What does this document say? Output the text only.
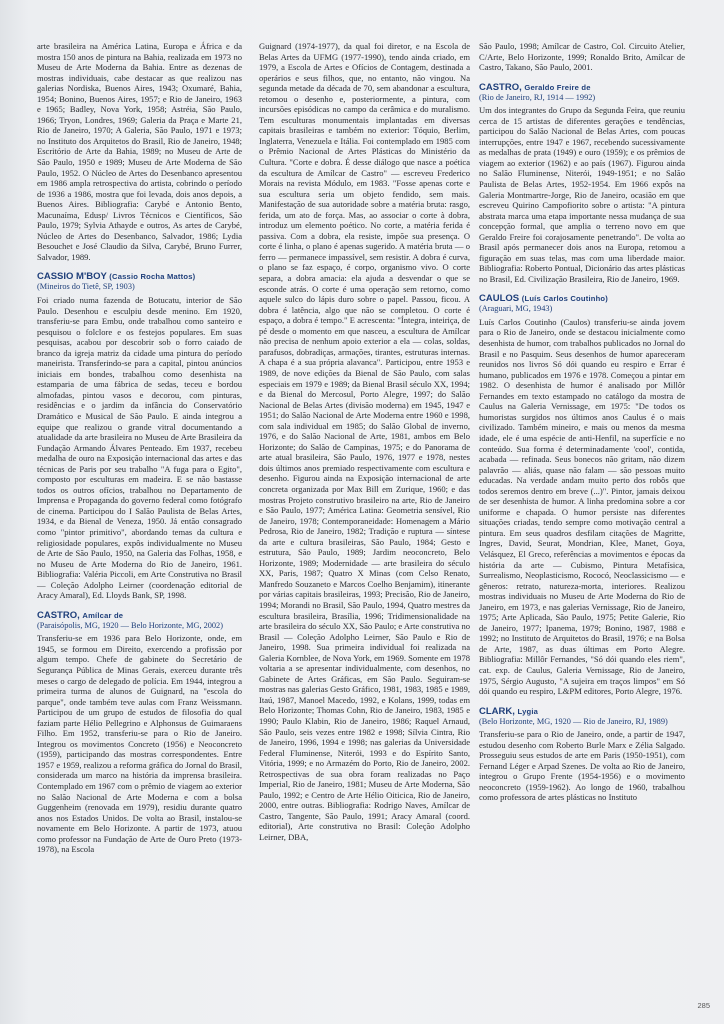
arte brasileira na América Latina, Europa e África e da mostra 150 anos de pintura na Bahia, realizada em 1973 no Museu de Arte Moderna da Bahia. Entre as dezenas de mostras individuais, cabe destacar as que realizou nas galerias Nordiska, Buenos Aires, 1943; Oxumaré, Bahia, 1954; Bonino, Buenos Aires, 1957; e Rio de Janeiro, 1963 e 1965; Badley, Nova York, 1958; Astréia, São Paulo, 1966; Tryon, Londres, 1969; Galeria da Praça e Marte 21, Rio de Janeiro, 1970; A Galeria, São Paulo, 1971 e 1973; no Instituto dos Arquitetos do Brasil, Rio de Janeiro, 1948; Escritório de Arte da Bahia, 1989; no Museu de Arte de São Paulo, 1950 e 1989; Museu de Arte Moderna de São Paulo, 1952. O Núcleo de Artes do Desenbanco apresentou em 1986 ampla retrospectiva do artista, cobrindo o período de 1936 a 1986, mostra que foi levada, dois anos depois, a Buenos Aires. Bibliografia: Carybé e Antonio Bento, Macunaíma, Edusp/ Livros Técnicos e Científicos, São Paulo, 1979; Sylvia Athayde e outros, As artes de Carybé, Núcleo de Artes do Desenbanco, Salvador, 1986; Lydia Besouchet e José Claudio da Silva, Carybé, Bruno Furrer, Salvador, 1989.

CASSIO M'BOY (Cassio Rocha Mattos)
(Mineiros do Tietê, SP, 1903)

Foi criado numa fazenda de Botucatu, interior de São Paulo. Desenhou e esculpiu desde menino. Em 1920, transferiu-se para Embu, onde trabalhou como santeiro e pesquisou o folclore e os festejos populares. Em suas pesquisas, acabou por descobrir sob o forro caiado de branco da igreja matriz da cidade uma pintura do período maneirista. Transferindo-se para a capital, pintou anúncios iniciais em bondes, trabalhou como desenhista na estamparia de uma fábrica de sedas, teceu e bordou almofadas, pintou vasos e decorou, com pinturas, residências e o jardim da infância do Conservatório Dramático e Musical de São Paulo. E ainda integrou a equipe que realizou o grande vitral documentando a atualidade da arte brasileira no Museu de Arte Brasileira da Fundação Armando Álvares Penteado. Em 1937, recebeu medalha de ouro na Exposição internacional das artes e das técnicas de Paris por seu trabalho "A fuga para o Egito", composto por esculturas em madeira. E se não bastasse todos os outros ofícios, trabalhou no Departamento de Imprensa e Propaganda do governo federal como fotógrafo de cinema. Participou do I Salão Paulista de Belas Artes, 1934, e da Bienal de Veneza, 1950. Já então consagrado como "pintor primitivo", abordando temas da cultura e religiosidade populares, expôs individualmente no Museu de Arte de São Paulo, 1950, na Galeria das Folhas, 1958, e no Museu de Arte Moderna do Rio de Janeiro, 1961. Bibliografia: Valéria Piccoli, em Arte Construtiva no Brasil — Coleção Adolpho Leirner (coordenação editorial de Aracy Amaral), Ed. Lloyds Bank, SP, 1998.

CASTRO, Amílcar de
(Paraisópolis, MG, 1920 — Belo Horizonte, MG, 2002)

Transferiu-se em 1936 para Belo Horizonte, onde, em 1945, se formou em Direito, exercendo a profissão por algum tempo. Chefe de gabinete do Secretário de Segurança Pública de Minas Gerais, exerceu durante três meses o cargo de delegado de polícia. Em 1944, integrou a primeira turma de alunos de Guignard, na "escola do parque", onde também teve aulas com Franz Weissmann. Participou de um grupo de estudos de filosofia do qual faziam parte Hélio Pellegrino e Alphonsus de Guimaraens Filho. Em 1952, transferiu-se para o Rio de Janeiro. Integrou os movimentos Concreto (1956) e Neoconcreto (1959), participando das mostras correspondentes. Entre 1957 e 1959, realizou a reforma gráfica do Jornal do Brasil, considerada um marco na história da imprensa brasileira. Contemplado em 1967 com o prêmio de viagem ao exterior no Salão Nacional de Arte Moderna e com a bolsa Guggenheim (renovada em 1979), residiu durante quatro anos nos Estados Unidos. De volta ao Brasil, instalou-se novamente em Belo Horizonte. A partir de 1973, atuou como professor na Fundação de Arte de Ouro Preto (1973-1978), na Escola

Guignard (1974-1977), da qual foi diretor, e na Escola de Belas Artes da UFMG (1977-1990), tendo ainda criado, em 1979, a Escola de Artes e Ofícios de Contagem, destinada a operários e seus filhos, que, no entanto, não vingou. Na segunda metade da década de 70, sem abandonar a escultura, retomou o desenho e, posteriormente, a pintura, com incursões episódicas no campo da cerâmica e do muralismo. Tem esculturas monumentais implantadas em diversas capitais brasileiras e também no exterior: Tóquio, Berlim, Inglaterra, Venezuela e Itália. Foi contemplado em 1985 com o Prêmio Nacional de Artes Plásticas do Ministério da Cultura. "Corte e dobra. É desse diálogo que nasce a poética da escultura de Amílcar de Castro" — escreveu Frederico Morais na revista Módulo, em 1983. "Fosse apenas corte e sua escultura seria um objeto fendido, sem mais. Manifestação de sua autoridade sobre a matéria bruta: rasgo, ferida, um ato de força. Mas, ao associar o corte à dobra, introduz um elemento poético. No corte, a matéria ferida é passiva. Com a dobra, ela resiste, impõe sua presença. O corte é linha, o plano é apenas sugerido. A matéria bruta — o ferro — permanece impassível, sem resistir. A dobra é curva, o plano se faz espaço, é corpo, organismo vivo. O corte separa, a dobra amacia: ela ajuda a desvendar o que se esconde atrás. O corte é uma operação sem retorno, como aquele sulco do lápis duro sobre o papel. Passou, ficou. A dobra é latência, algo que não se completou. O corte é espaço, a dobra é tempo." E acrescenta: "Íntegra, inteiriça, de pé desde o momento em que nasceu, a escultura de Amílcar não precisa de nenhum apoio exterior a ela — colas, soldas, parafusos, dobradiças, armações, tirantes, estruturas internas. A chapa é a sua própria alavanca". Participou, entre 1953 e 1989, de nove edições da Bienal de São Paulo, com salas especiais em 1979 e 1989; da Bienal Brasil século XX, 1994; e da Bienal do Mercosul, Porto Alegre, 1997; do Salão Nacional de Belas Artes (divisão moderna) em 1945, 1947 e 1951; do Salão Nacional de Arte Moderna entre 1960 e 1998, com sala individual em 1985; do Salão Global de inverno, 1976, e do Salão Nacional de Arte, 1981, ambos em Belo Horizonte; do Salão de Campinas, 1975; e do Panorama de arte atual brasileira, São Paulo, 1976, 1977 e 1978, nestes dois últimos anos premiado respectivamente com escultura e desenho. Figurou ainda na Exposição internacional de arte concreta organizada por Max Bill em Zurique, 1960; e das mostras Projeto construtivo brasileiro na arte, Rio de Janeiro e São Paulo, 1977; América Latina: Geometria sensível, Rio de Janeiro, 1978; Contemporaneidade: Homenagem a Mário Pedrosa, Rio de Janeiro, 1982; Tradição e ruptura — síntese da arte e cultura brasileiras, São Paulo, 1984; Gesto e estrutura, São Paulo, 1989; Jardim neoconcreto, Belo Horizonte, 1989; Modernidade — arte brasileira do século XX, Paris, 1987; Quatro X Minas (com Celso Renato, Manfredo Souzaneto e Marcos Coelho Benjamim), itinerante por várias capitais brasileiras, 1993; Precisão, Rio de Janeiro, 1994; Morandi no Brasil, São Paulo, 1994, Quatro mestres da escultura brasileira, Brasília, 1996; Tridimensionalidade na arte brasileira do século XX, São Paulo; e Arte construtiva no Brasil — Coleção Adolpho Leirner, São Paulo e Rio de Janeiro, 1998. Sua primeira individual foi realizada na Galeria Kornblee, de Nova York, em 1969. Somente em 1978 voltaria a se apresentar individualmente, com desenhos, no Gabinete de Artes Gráficas, em São Paulo. Seguiram-se mostras nas galerias Gesto Gráfico, 1981, 1983, 1985 e 1989, Itaú, 1987, Manoel Macedo, 1992, e Kolans, 1999, todas em Belo Horizonte; Thomas Cohn, Rio de Janeiro, 1983, 1985 e 1990; Paulo Klabin, Rio de Janeiro, 1986; Raquel Arnaud, São Paulo, seis vezes entre 1982 e 1998; Sílvia Cintra, Rio de Janeiro, 1996, 1994 e 1998; nas galerias da Universidade Federal Fluminense, Niterói, 1993 e do Espírito Santo, Vitória, 1999; e no Armazém do Porto, Rio de Janeiro, 2002. Retrospectivas de sua obra foram realizadas no Paço Imperial, Rio de Janeiro, 1981; Museu de Arte Moderna, São Paulo, 1992; e Centro de Arte Hélio Oiticica, Rio de Janeiro, 2000, entre outras. Bibliografia: Rodrigo Naves, Amílcar de Castro, Tangente, São Paulo, 1991; Aracy Amaral (coord. editorial), Arte construtiva no Brasil: Coleção Adolpho Leirner, DBA,

São Paulo, 1998; Amílcar de Castro, Col. Circuito Atelier, C/Arte, Belo Horizonte, 1999; Ronaldo Brito, Amílcar de Castro, Takano, São Paulo, 2001.

CASTRO, Geraldo Freire de
(Rio de Janeiro, RJ, 1914 — 1992)

Um dos integrantes do Grupo da Segunda Feira, que reuniu cerca de 15 artistas de diferentes gerações e tendências, participou do Salão Nacional de Belas Artes, com poucas interrupções, entre 1947 e 1967, recebendo sucessivamente as medalhas de prata (1949) e ouro (1959); e os prêmios de viagem ao exterior (1962) e ao país (1967). Figurou ainda no Salão Fluminense, Niterói, 1949-1951; e no Salão Paulista de Belas Artes, 1952-1954. Em 1966 expôs na Galeria Montmartre-Jorge, Rio de Janeiro, ocasião em que escreveu Quirino Campofiorito sobre o artista: "A pintura abstrata marca uma etapa importante nessa mudança de sua concepção formal, que amplia o terreno novo em que Geraldo Freire foi corajosamente penetrando". De volta ao Brasil após permanecer dois anos na Europa, retomou a figuração em suas telas, mas com uma liberdade maior. Bibliografia: Roberto Pontual, Dicionário das artes plásticas no Brasil, Ed. Civilização Brasileira, Rio de Janeiro, 1969.

CAULOS (Luís Carlos Coutinho)
(Araguari, MG, 1943)

Luís Carlos Coutinho (Caulos) transferiu-se ainda jovem para o Rio de Janeiro, onde se destacou inicialmente como desenhista de humor, com trabalhos publicados no Jornal do Brasil e no Pasquim. Seus desenhos de humor apareceram reunidos nos livros Só dói quando eu respiro e Errar é humano, publicados em 1976 e 1978. Começou a pintar em 1982. O desenhista de humor é analisado por Millôr Fernandes em texto estampado no catálogo da mostra de Caulus na Galeria Vernissage, em 1975: "De todos os humoristas surgidos nos últimos anos Caulus é o mais civilizado. Também mineiro, e mais ou menos da mesma idade, ele é uma espécie de anti-Henfil, na superfície e no conteúdo. Sua forma é determinadamente 'cool', contida, acabada — refinada. Seus bonecos não gritam, não dizem palavrão — aliás, quase não falam — são pessoas muito educadas. Na verdade andam muito perto dos robôs que todos seremos dentro em breve (...)". Pintor, jamais deixou de ser desenhista de humor. A linha predomina sobre a cor uniforme e chapada. O humor persiste nas diferentes situações criadas, tendo sempre como motivação central a pintura. Em seus quadros desfilam citações de Magritte, Ingres, David, Seurat, Mondrian, Klee, Manet, Goya, Velásquez, El Greco, referências a movimentos e épocas da história da arte — Cubismo, Pintura Metafísica, Surrealismo, Neoplasticismo, Rococó, Neoclassicismo — e gêneros: retrato, natureza-morta, interiores. Realizou mostras individuais no Museu de Arte Moderna do Rio de Janeiro, em 1973, e nas galerias Vernissage, Rio de Janeiro, 1975; Arte Aplicada, São Paulo, 1975; Petite Galerie, Rio de Janeiro, 1977; Ipanema, 1979; Bonino, 1987, 1988 e 1992; no Instituto de Arquitetos do Brasil, 1976; e na Bolsa de Arte, 1987, as duas últimas em Porto Alegre. Bibliografia: Millôr Fernandes, "Só dói quando eles riem", cat. exp. de Caulus, Galeria Vernissage, Rio de Janeiro, 1975, Sérgio Augusto, "A sujeira em traços limpos" em Só dói quando eu respiro, L&PM editores, Porto Alegre, 1976.

CLARK, Lygia
(Belo Horizonte, MG, 1920 — Rio de Janeiro, RJ, 1989)

Transferiu-se para o Rio de Janeiro, onde, a partir de 1947, estudou desenho com Roberto Burle Marx e Zélia Salgado. Prosseguiu seus estudos de arte em Paris (1950-1951), com Fernand Léger e Arpad Szenes. De volta ao Rio de Janeiro, integrou o Grupo Frente (1954-1956) e o movimento neoconcreto (1959-1962). Ao longo de 1960, trabalhou como professora de artes plásticas no Instituto

285
